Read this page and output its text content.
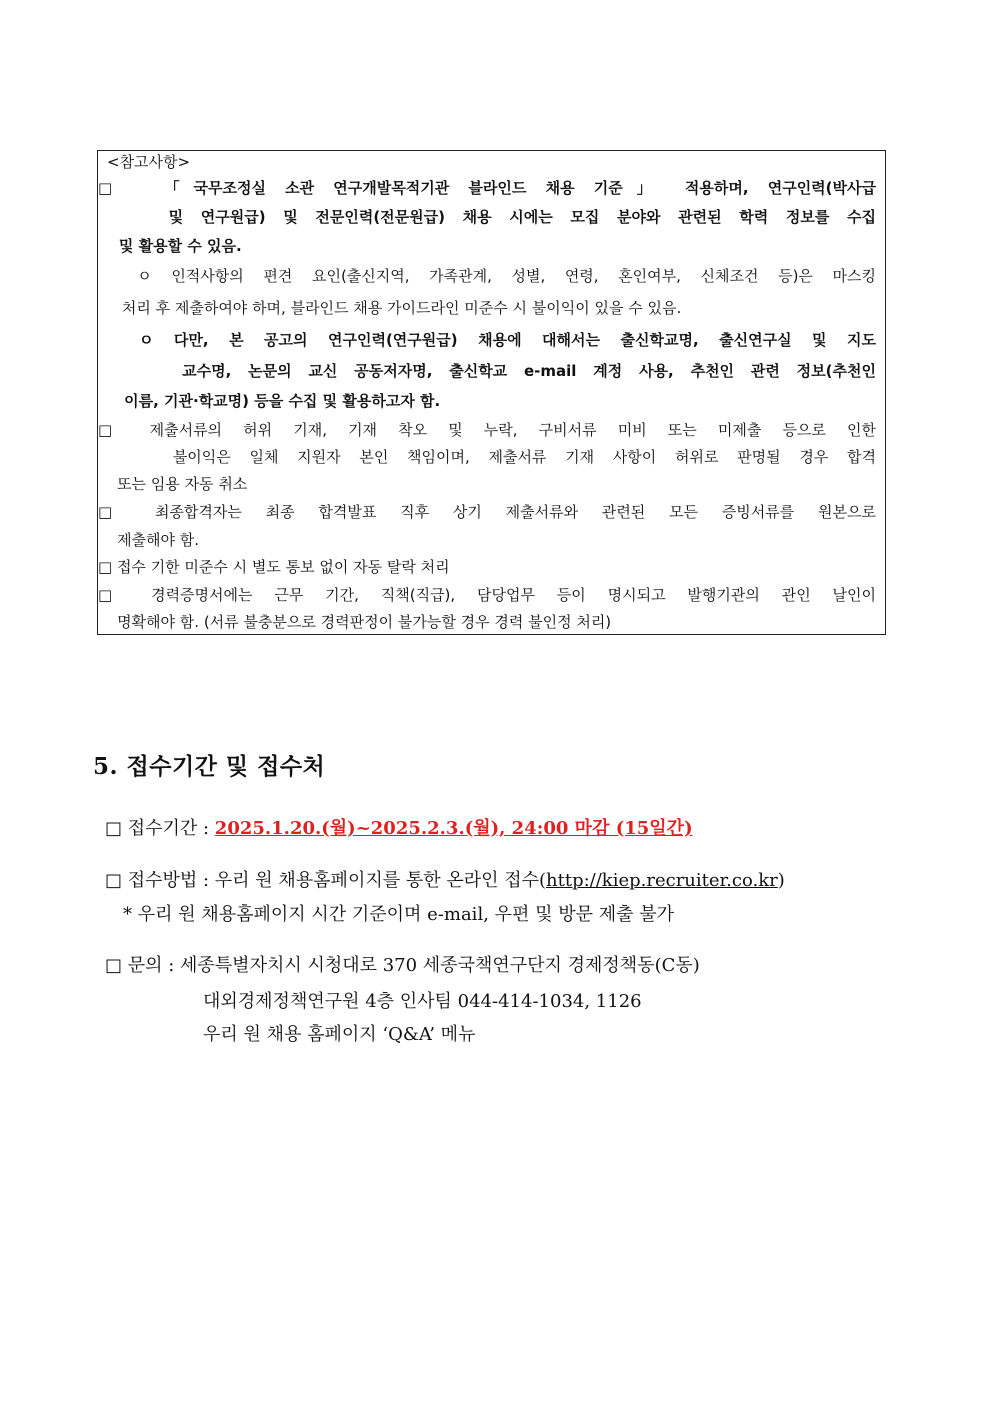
<참고사항>
□  「국무조정실 소관 연구개발목적기관 블라인드 채용 기준」 적용하며, 연구인력(박사급
및 연구원급) 및 전문인력(전문원급) 채용 시에는 모집 분야와 관련된 학력 정보를 수집
및 활용할 수 있음.
ㅇ 인적사항의 편견 요인(출신지역, 가족관계, 성별, 연령, 혼인여부, 신체조건 등)은 마스킹
처리 후 제출하여야 하며, 블라인드 채용 가이드라인 미준수 시 불이익이 있을 수 있음.
ㅇ 다만, 본 공고의 연구인력(연구원급) 채용에 대해서는 출신학교명, 출신연구실 및 지도
교수명, 논문의 교신 공동저자명, 출신학교 e-mail 계정 사용, 추천인 관련 정보(추천인
이름, 기관·학교명) 등을 수집 및 활용하고자 함.
□ 제출서류의 허위 기재, 기재 착오 및 누락, 구비서류 미비 또는 미제출 등으로 인한
불이익은 일체 지원자 본인 책임이며, 제출서류 기재 사항이 허위로 판명될 경우 합격
또는 임용 자동 취소
□ 최종합격자는 최종 합격발표 직후 상기 제출서류와 관련된 모든 증빙서류를 원본으로
제출해야 함.
□ 접수 기한 미준수 시 별도 통보 없이 자동 탈락 처리
□ 경력증명서에는 근무 기간, 직책(직급), 담당업무 등이 명시되고 발행기관의 관인 날인이
명확해야 함. (서류 불충분으로 경력판정이 불가능할 경우 경력 불인정 처리)
5. 접수기간 및 접수처
□ 접수기간 : 2025.1.20.(월)~2025.2.3.(월), 24:00 마감 (15일간)
□ 접수방법 : 우리 원 채용홈페이지를 통한 온라인 접수(http://kiep.recruiter.co.kr)
* 우리 원 채용홈페이지 시간 기준이며 e-mail, 우편 및 방문 제출 불가
□ 문의 : 세종특별자치시 시청대로 370 세종국책연구단지 경제정책동(C동)
대외경제정책연구원 4층 인사팀 044-414-1034, 1126
우리 원 채용 홈페이지 ‘Q&A’ 메뉴
